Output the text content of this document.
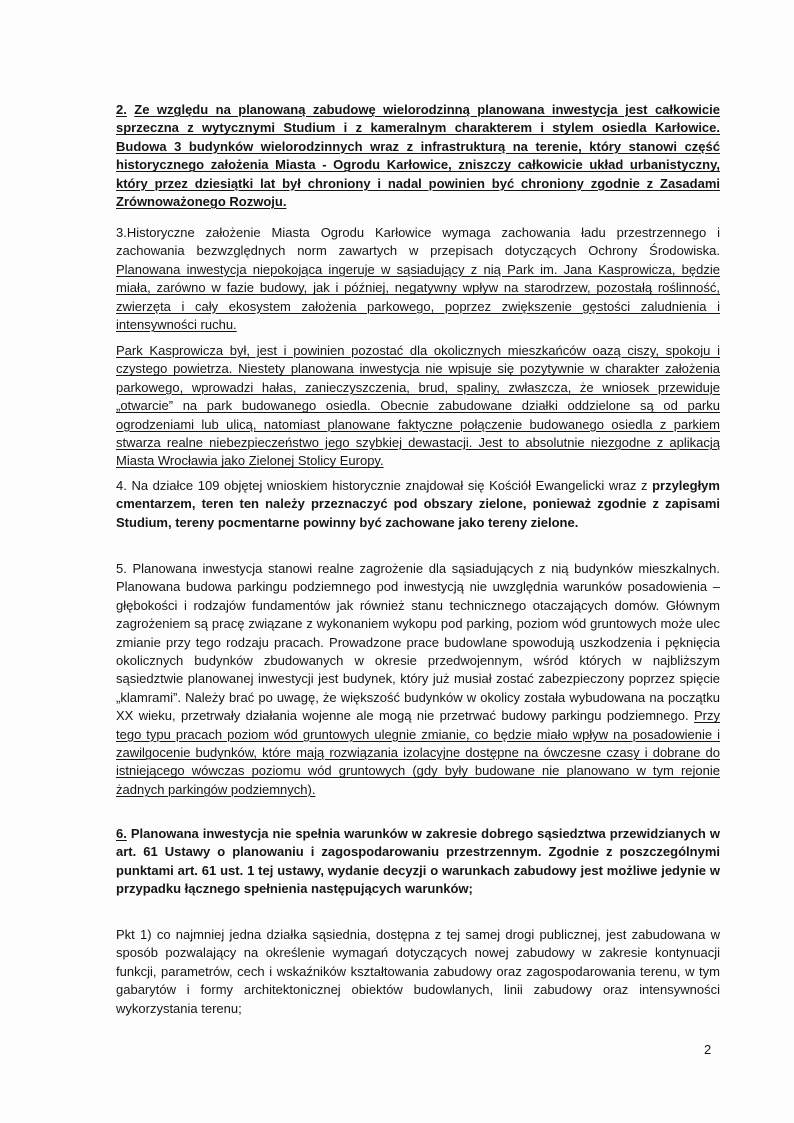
2. Ze względu na planowaną zabudowę wielorodzinną planowana inwestycja jest całkowicie sprzeczna z wytycznymi Studium i z kameralnym charakterem i stylem osiedla Karłowice. Budowa 3 budynków wielorodzinnych wraz z infrastrukturą na terenie, który stanowi część historycznego założenia Miasta - Ogrodu Karłowice, zniszczy całkowicie układ urbanistyczny, który przez dziesiątki lat był chroniony i nadal powinien być chroniony zgodnie z Zasadami Zrównoważonego Rozwoju.

3.Historyczne założenie Miasta Ogrodu Karłowice wymaga zachowania ładu przestrzennego i zachowania bezwzględnych norm zawartych w przepisach dotyczących Ochrony Środowiska. Planowana inwestycja niepokojąca ingeruje w sąsiadujący z nią Park im. Jana Kasprowicza, będzie miała, zarówno w fazie budowy, jak i później, negatywny wpływ na starodrzew, pozostałą roślinność, zwierzęta i cały ekosystem założenia parkowego, poprzez zwiększenie gęstości zaludnienia i intensywności ruchu.

Park Kasprowicza był, jest i powinien pozostać dla okolicznych mieszkańców oazą ciszy, spokoju i czystego powietrza. Niestety planowana inwestycja nie wpisuje się pozytywnie w charakter założenia parkowego, wprowadzi hałas, zanieczyszczenia, brud, spaliny, zwłaszcza, że wniosek przewiduje „otwarcie” na park budowanego osiedla. Obecnie zabudowane działki oddzielone są od parku ogrodzeniami lub ulicą, natomiast planowane faktyczne połączenie budowanego osiedla z parkiem stwarza realne niebezpieczeństwo jego szybkiej dewastacji. Jest to absolutnie niezgodne z aplikacją Miasta Wrocławia jako Zielonej Stolicy Europy.

4. Na działce 109 objętej wnioskiem historycznie znajdował się Kościół Ewangelicki wraz z przyległym cmentarzem, teren ten należy przeznaczyć pod obszary zielone, ponieważ zgodnie z zapisami Studium, tereny pocmentarne powinny być zachowane jako tereny zielone.

5. Planowana inwestycja stanowi realne zagrożenie dla sąsiadujących z nią budynków mieszkalnych. Planowana budowa parkingu podziemnego pod inwestycją nie uwzględnia warunków posadowienia – głębokości i rodzajów fundamentów jak również stanu technicznego otaczających domów. Głównym zagrożeniem są pracę związane z wykonaniem wykopu pod parking, poziom wód gruntowych może ulec zmianie przy tego rodzaju pracach. Prowadzone prace budowlane spowodują uszkodzenia i pęknięcia okolicznych budynków zbudowanych w okresie przedwojennym, wśród których w najbliższym sąsiedztwie planowanej inwestycji jest budynek, który już musiał zostać zabezpieczony poprzez spięcie „klamrami”. Należy brać po uwagę, że większość budynków w okolicy została wybudowana na początku XX wieku, przetrwały działania wojenne ale mogą nie przetrwać budowy parkingu podziemnego. Przy tego typu pracach poziom wód gruntowych ulegnie zmianie, co będzie miało wpływ na posadowienie i zawilgocenie budynków, które mają rozwiązania izolacyjne dostępne na ówczesne czasy i dobrane do istniejącego wówczas poziomu wód gruntowych (gdy były budowane nie planowano w tym rejonie żadnych parkingów podziemnych).

6. Planowana inwestycja nie spełnia warunków w zakresie dobrego sąsiedztwa przewidzianych w art. 61 Ustawy o planowaniu i zagospodarowaniu przestrzennym. Zgodnie z poszczególnymi punktami art. 61 ust. 1 tej ustawy, wydanie decyzji o warunkach zabudowy jest możliwe jedynie w przypadku łącznego spełnienia następujących warunków;

Pkt 1) co najmniej jedna działka sąsiednia, dostępna z tej samej drogi publicznej, jest zabudowana w sposób pozwalający na określenie wymagań dotyczących nowej zabudowy w zakresie kontynuacji funkcji, parametrów, cech i wskaźników kształtowania zabudowy oraz zagospodarowania terenu, w tym gabarytów i formy architektonicznej obiektów budowlanych, linii zabudowy oraz intensywności wykorzystania terenu;

2
